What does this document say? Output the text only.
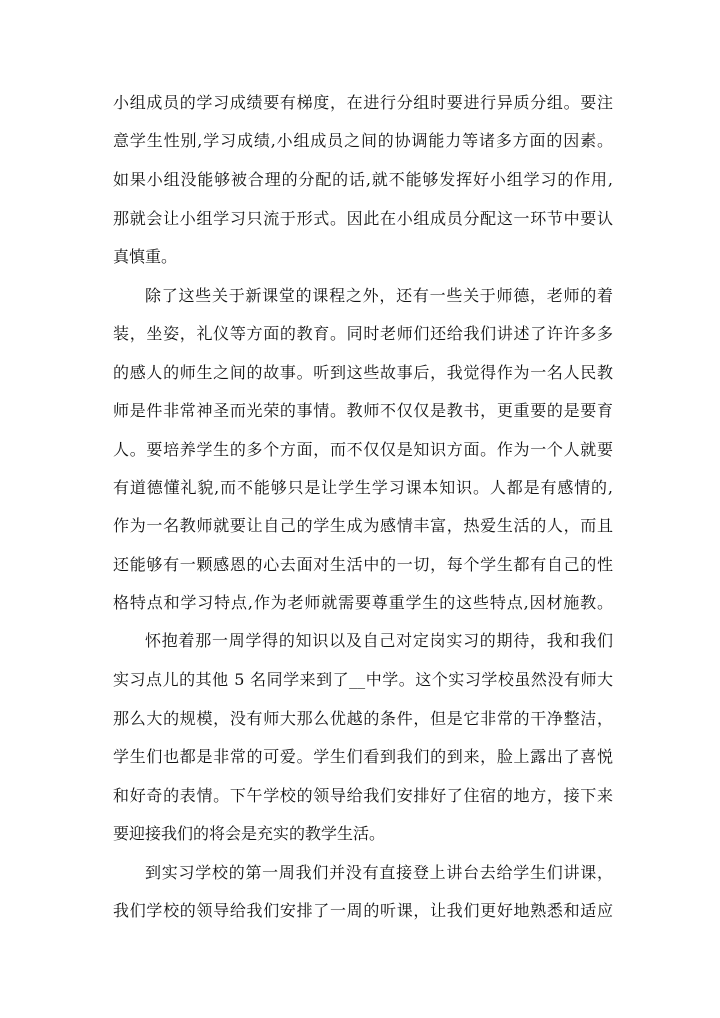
小组成员的学习成绩要有梯度，在进行分组时要进行异质分组。要注
意学生性别,学习成绩,小组成员之间的协调能力等诸多方面的因素。
如果小组没能够被合理的分配的话,就不能够发挥好小组学习的作用,
那就会让小组学习只流于形式。因此在小组成员分配这一环节中要认
真慎重。
除了这些关于新课堂的课程之外，还有一些关于师德，老师的着
装，坐姿，礼仪等方面的教育。同时老师们还给我们讲述了许许多多
的感人的师生之间的故事。听到这些故事后，我觉得作为一名人民教
师是件非常神圣而光荣的事情。教师不仅仅是教书，更重要的是要育
人。要培养学生的多个方面，而不仅仅是知识方面。作为一个人就要
有道德懂礼貌,而不能够只是让学生学习课本知识。人都是有感情的,
作为一名教师就要让自己的学生成为感情丰富，热爱生活的人，而且
还能够有一颗感恩的心去面对生活中的一切，每个学生都有自己的性
格特点和学习特点,作为老师就需要尊重学生的这些特点,因材施教。
怀抱着那一周学得的知识以及自己对定岗实习的期待，我和我们
实习点儿的其他 5 名同学来到了__中学。这个实习学校虽然没有师大
那么大的规模，没有师大那么优越的条件，但是它非常的干净整洁，
学生们也都是非常的可爱。学生们看到我们的到来，脸上露出了喜悦
和好奇的表情。下午学校的领导给我们安排好了住宿的地方，接下来
要迎接我们的将会是充实的教学生活。
到实习学校的第一周我们并没有直接登上讲台去给学生们讲课，
我们学校的领导给我们安排了一周的听课，让我们更好地熟悉和适应
